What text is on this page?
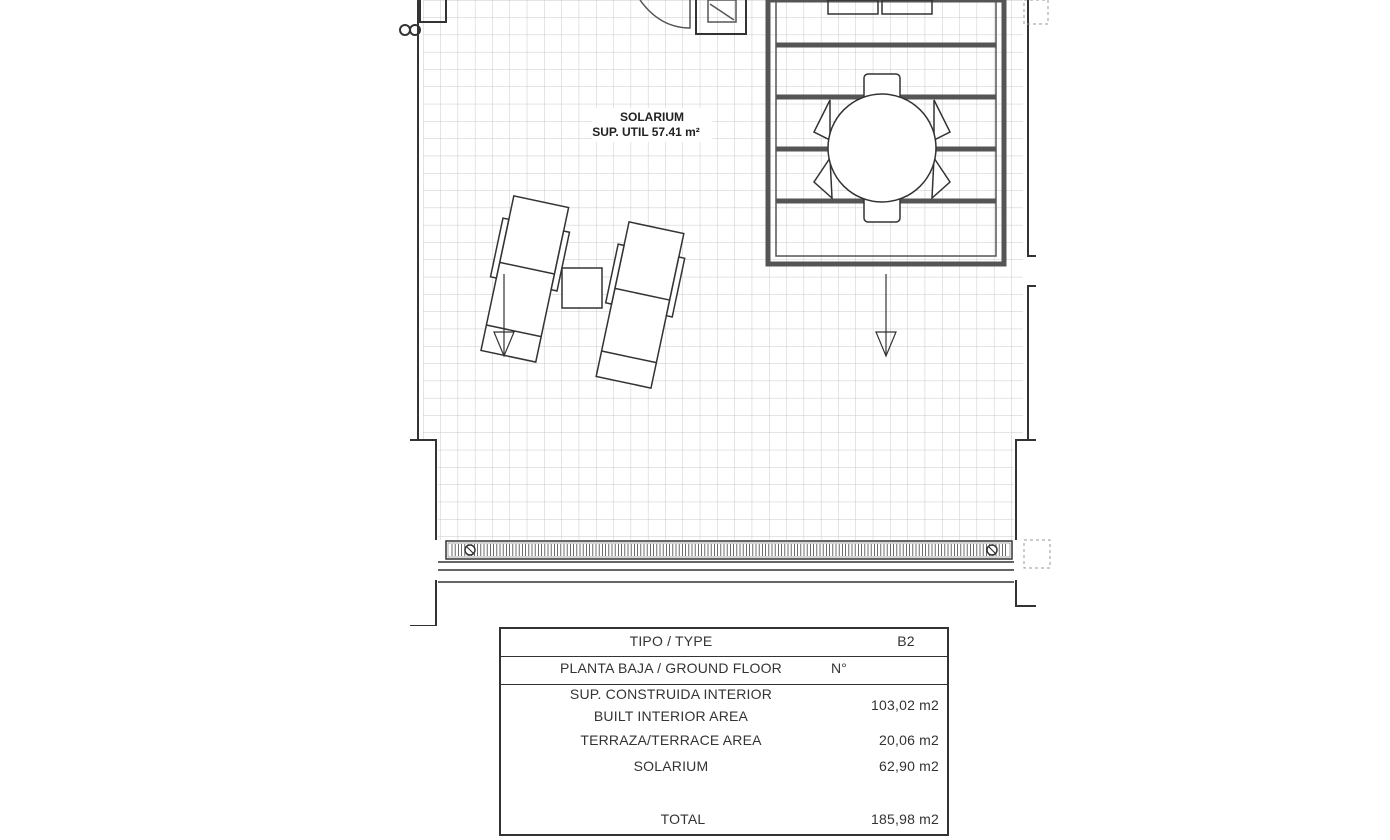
SOLARIUM
SUP. UTIL 57.41 m²
TIPO / TYPE	B2
PLANTA BAJA / GROUND FLOOR	N°
SUP. CONSTRUIDA INTERIOR
BUILT INTERIOR AREA
103,02 m2
TERRAZA/TERRACE AREA	20,06 m2
SOLARIUM	62,90 m2
TOTAL	185,98 m2
